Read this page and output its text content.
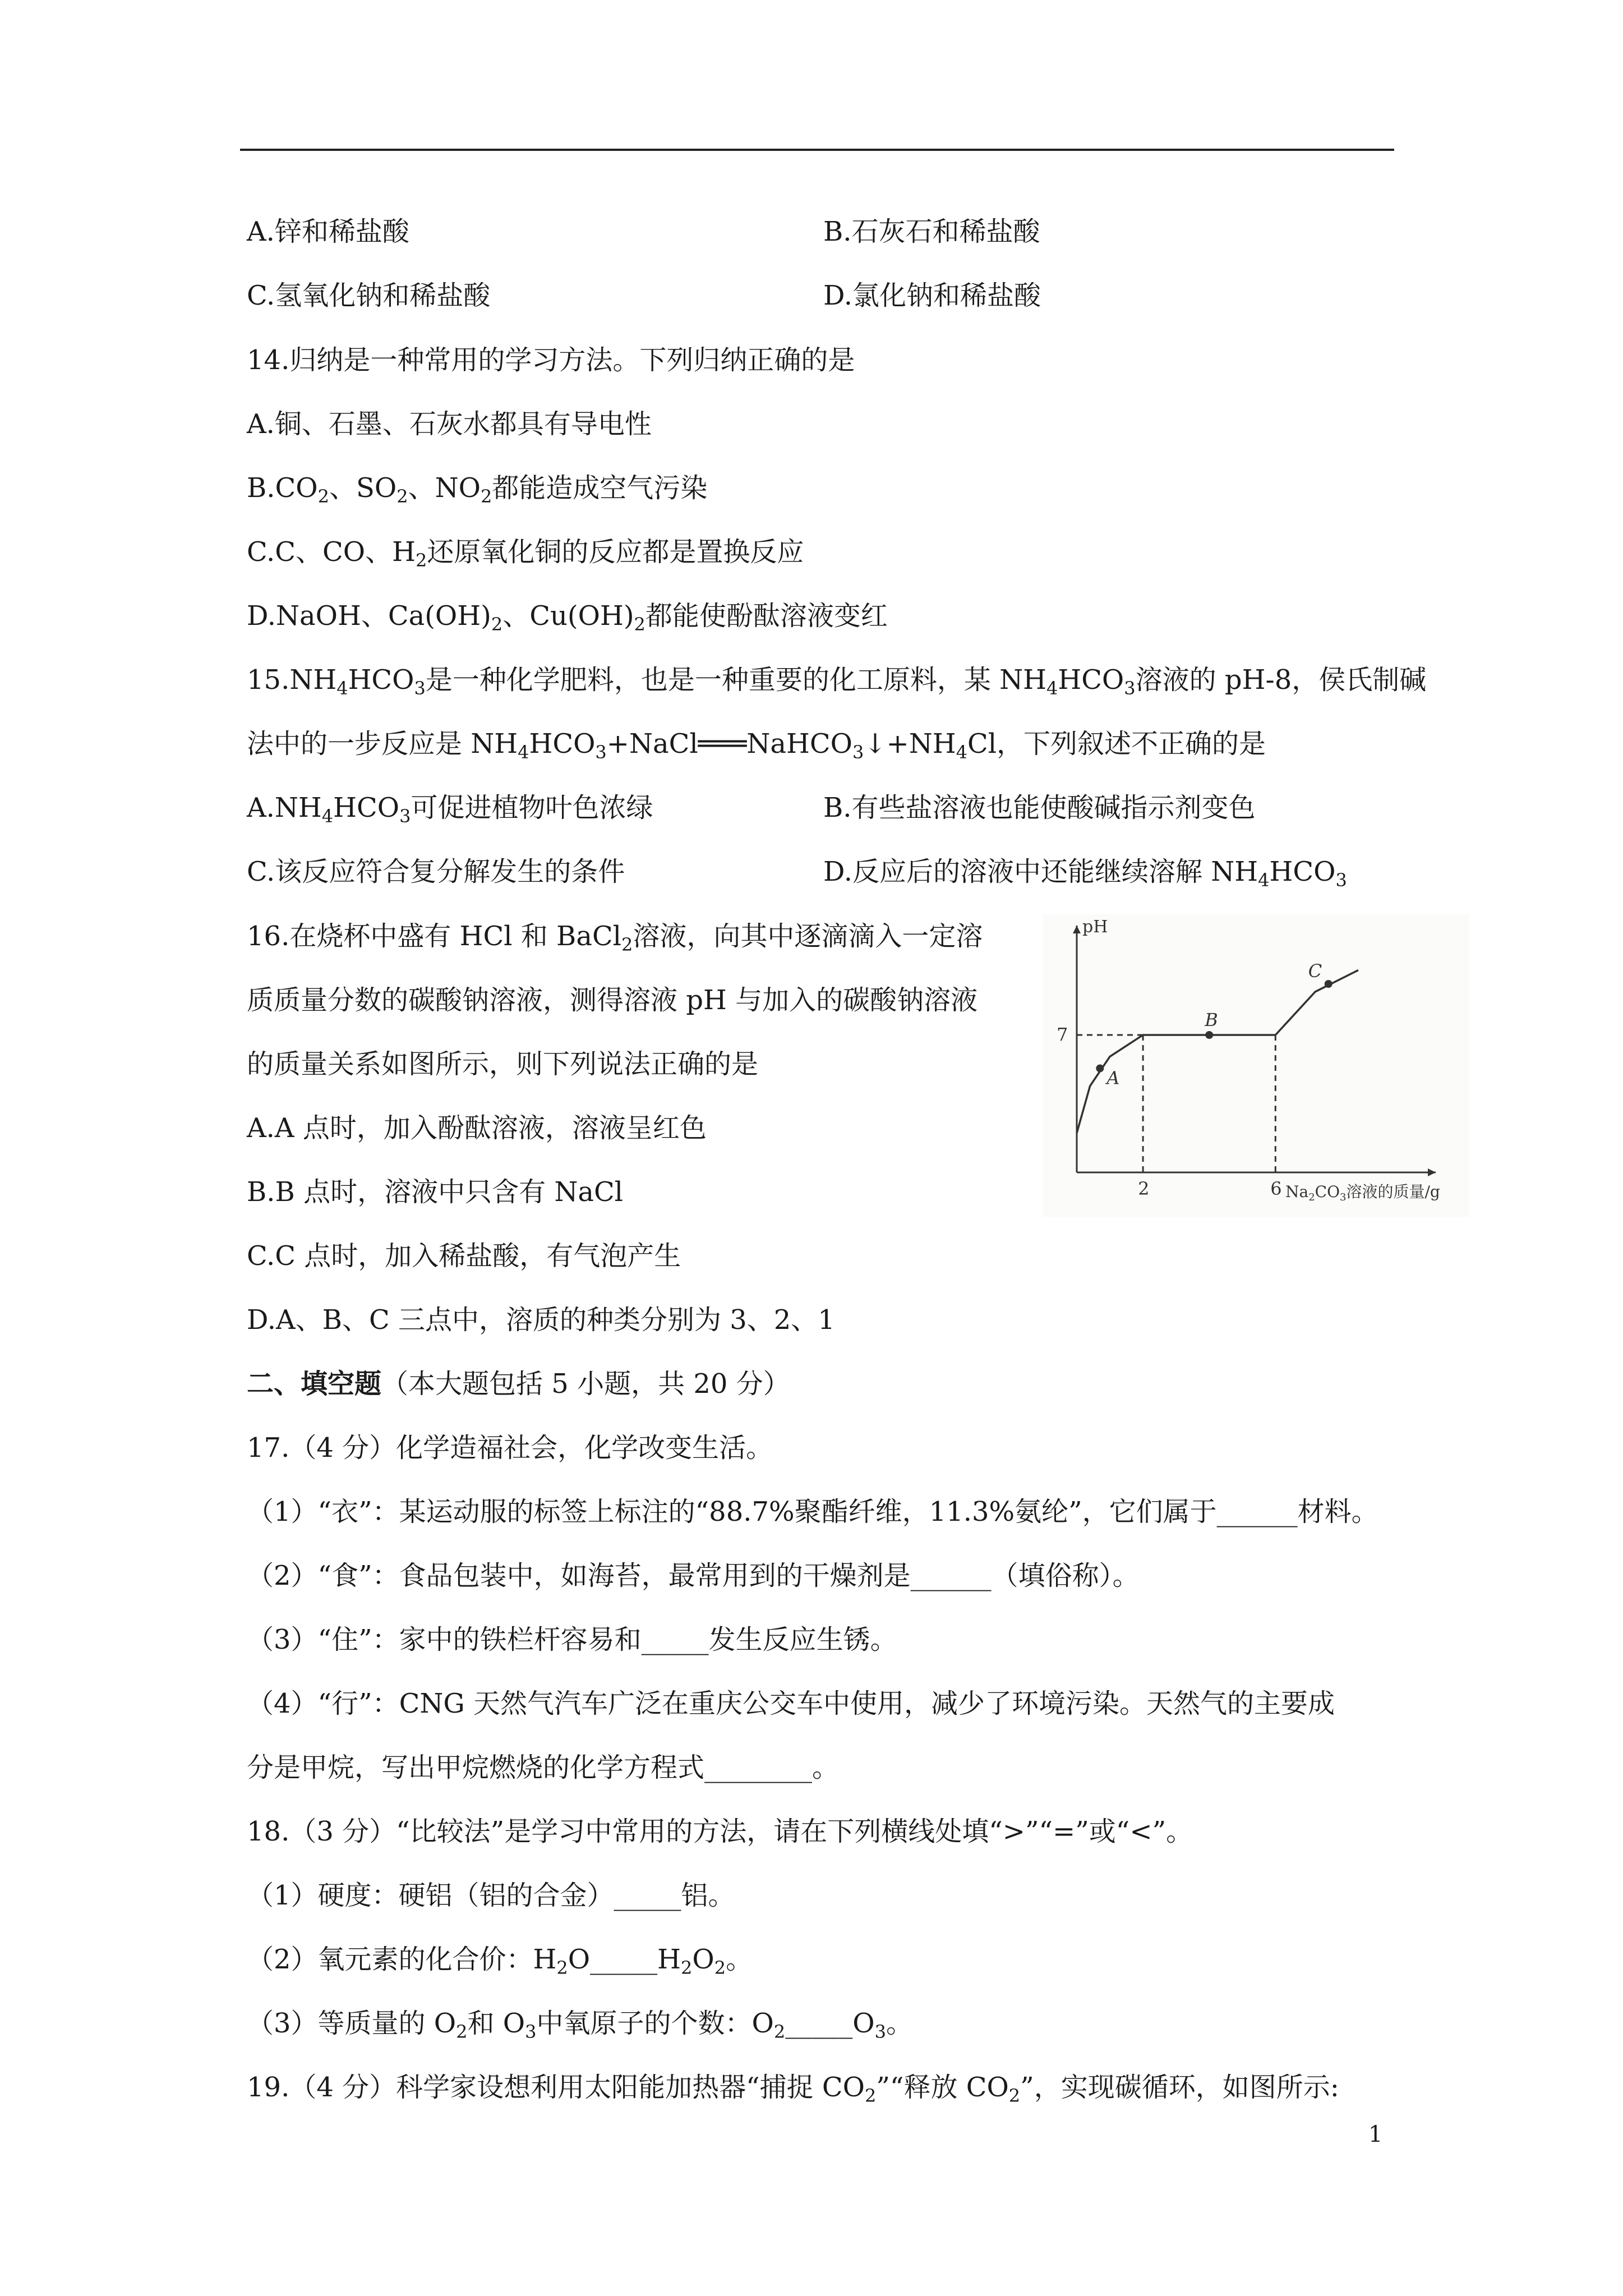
A.锌和稀盐酸	B.石灰石和稀盐酸
C.氢氧化钠和稀盐酸	D.氯化钠和稀盐酸
14.归纳是一种常用的学习方法。下列归纳正确的是
A.铜、石墨、石灰水都具有导电性
$B.CO_2$、$SO_2$、$NO_2$都能造成空气污染
C.C、CO、$H_2$还原氧化铜的反应都是置换反应
D.NaOH、$Ca(OH)_2$、$Cu(OH)_2$都能使酚酞溶液变红
$15.NH_4HCO_3$是一种化学肥料，也是一种重要的化工原料，某 $NH_4HCO_3$溶液的 pH-8，侯氏制碱
法中的一步反应是 $NH_4HCO_3+NaCl═══NaHCO_3↓+NH_4Cl$，下列叙述不正确的是
$A.NH_4HCO_3$可促进植物叶色浓绿	B.有些盐溶液也能使酸碱指示剂变色
C.该反应符合复分解发生的条件	D.反应后的溶液中还能继续溶解 $NH_4HCO_3$
16.在烧杯中盛有 HCl 和 BaCl$_2$溶液，向其中逐滴滴入一定溶
质质量分数的碳酸钠溶液，测得溶液 pH 与加入的碳酸钠溶液
的质量关系如图所示，则下列说法正确的是
A.A 点时，加入酚酞溶液，溶液呈红色
B.B 点时，溶液中只含有 NaCl
C.C 点时，加入稀盐酸，有气泡产生
D.A、B、C 三点中，溶质的种类分别为 3、2、1
pH
$Na_2CO_3$溶液的质量/g
7
2	6
A
B
C
二、填空题（本大题包括 5 小题，共 20 分）
17.（4 分）化学造福社会，化学改变生活。
（1）“衣”：某运动服的标签上标注的“88.7%聚酯纤维，11.3%氨纶”，它们属于______材料。
（2）“食”：食品包装中，如海苔，最常用到的干燥剂是______（填俗称）。
（3）“住”：家中的铁栏杆容易和_____发生反应生锈。
（4）“行”：CNG 天然气汽车广泛在重庆公交车中使用，减少了环境污染。天然气的主要成
分是甲烷，写出甲烷燃烧的化学方程式________。
18.（3 分）“比较法”是学习中常用的方法，请在下列横线处填“>”“=”或“<”。
（1）硬度：硬铝（铝的合金）_____铝。
（2）氧元素的化合价：$H_2O\_\_\_\_\_H_2O_2$。
（3）等质量的 $O_2$和 $O_3$中氧原子的个数：$O_2\_\_\_\_\_O_3$。
19.（4 分）科学家设想利用太阳能加热器“捕捉 $CO_2”“$释放 $CO_2$”，实现碳循环，如图所示:
1
